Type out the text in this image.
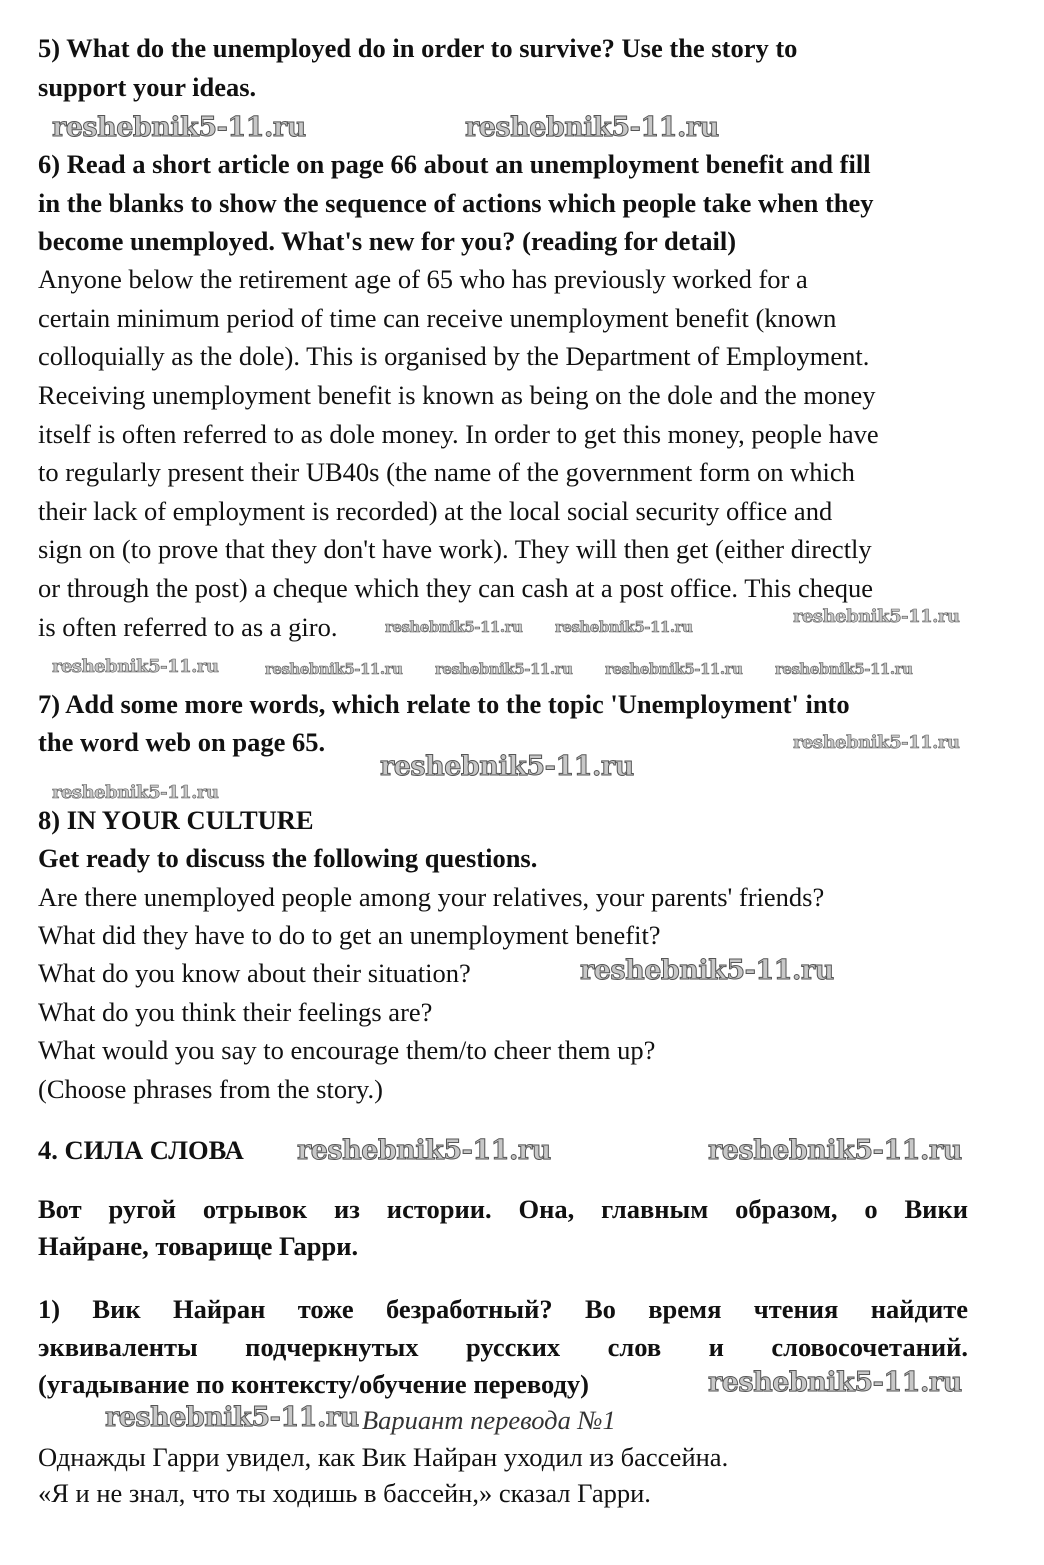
5) What do the unemployed do in order to survive? Use the story to
support your ideas.
reshebnik5-11.ru	reshebnik5-11.ru
6) Read a short article on page 66 about an unemployment benefit and fill
in the blanks to show the sequence of actions which people take when they
become unemployed. What's new for you? (reading for detail)
Anyone below the retirement age of 65 who has previously worked for a
certain minimum period of time can receive unemployment benefit (known
colloquially as the dole). This is organised by the Department of Employment.
Receiving unemployment benefit is known as being on the dole and the money
itself is often referred to as dole money. In order to get this money, people have
to regularly present their UB40s (the name of the government form on which
their lack of employment is recorded) at the local social security office and
sign on (to prove that they don't have work). They will then get (either directly
or through the post) a cheque which they can cash at a post office. This cheque
is often referred to as a giro.	reshebnik5-11.ru reshebnik5-11.ru	reshebnik5-11.ru
reshebnik5-11.ru	reshebnik5-11.ru reshebnik5-11.ru reshebnik5-11.ru reshebnik5-11.ru
7) Add some more words, which relate to the topic 'Unemployment' into
the word web on page 65.	reshebnik5-11.ru
reshebnik5-11.ru
reshebnik5-11.ru
8) IN YOUR CULTURE
Get ready to discuss the following questions.
Are there unemployed people among your relatives, your parents' friends?
What did they have to do to get an unemployment benefit?
What do you know about their situation?	reshebnik5-11.ru
What do you think their feelings are?
What would you say to encourage them/to cheer them up?
(Choose phrases from the story.)
4. СИЛА СЛОВА reshebnik5-11.ru	reshebnik5-11.ru
Вот ругой отрывок из истории. Она, главным образом, о Вики
Найране, товарище Гарри.
1) Вик Найран тоже безработный? Во время чтения найдите
эквиваленты подчеркнутых русских слов и словосочетаний.
(угадывание по контексту/обучение переводу)	reshebnik5-11.ru
reshebnik5-11.ru Вариант перевода №1
Однажды Гарри увидел, как Вик Найран уходил из бассейна.
«Я и не знал, что ты ходишь в бассейн,» сказал Гарри.
